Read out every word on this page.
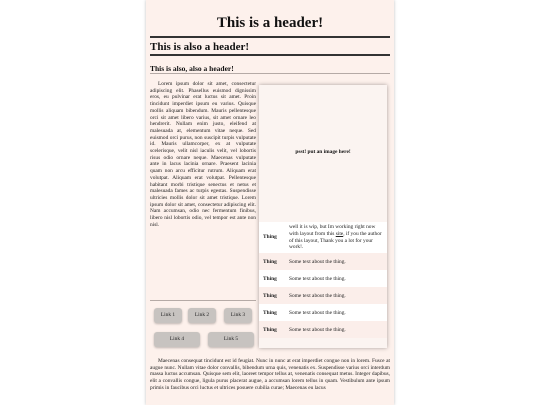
This is a header!
This is also a header!
This is also, also a header!

Lorem ipsum dolor sit amet, consectetur adipiscing elit. Phasellus euismod dignissim eros, eu pulvinar erat luctus sit amet. Proin tincidunt imperdiet ipsum eu varius. Quisque mollis aliquam bibendum. Mauris pellentesque orci sit amet libero varius, sit amet ornare leo hendrerit. Nullam enim justo, eleifend at malesuada at, elementum vitae neque. Sed euismod orci purus, non suscipit turpis vulputate id. Mauris ullamcorper, ex at vulputate scelerisque, velit nisl iaculis velit, vel lobortis risus odio ornare neque. Maecenas vulputate ante in lacus lacinia ornare. Praesent lacinia quam non arcu efficitur rutrum. Aliquam erat volutpat. Aliquam erat volutpat. Pellentesque habitant morbi tristique senectus et netus et malesuada fames ac turpis egestas. Suspendisse ultricies mollis dolor sit amet tristique. Lorem ipsum dolor sit amet, consectetur adipiscing elit. Nam accumsan, odio nec fermentum finibus, libero nisl lobortis odio, vel tempor est ante non nisl.

Link 1	Link 2	Link 3
Link 4	Link 5
psst! put an image here!
Thing	well it is wip, but Im working right now with layout from this site, if you the author of this layout, Thank you a lot for your work!.
Thing	Some text about the thing.
Thing	Some text about the thing.
Thing	Some text about the thing.
Thing	Some text about the thing.
Thing	Some text about the thing.

Maecenas consequat tincidunt est id feugiat. Nunc in nunc at erat imperdiet congue non in lorem. Fusce at augue nunc. Nullam vitae dolor convallis, bibendum urna quis, venenatis ex. Suspendisse varius orci interdum massa luctus accumsan. Quisque sem elit, laoreet tempor tellus at, venenatis consequat metus. Integer dapibus, elit a convallis congue, ligula purus placerat augue, a accumsan lorem tellus in quam. Vestibulum ante ipsum primis in faucibus orci luctus et ultrices posuere cubilia curae; Maecenas eu lacus
